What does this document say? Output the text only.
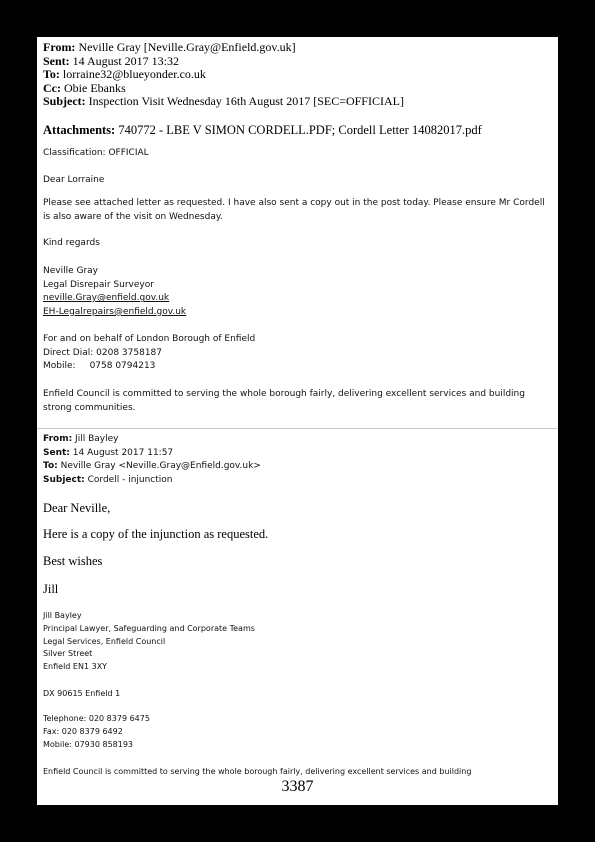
From: Neville Gray [Neville.Gray@Enfield.gov.uk]
Sent: 14 August 2017 13:32
To: lorraine32@blueyonder.co.uk
Cc: Obie Ebanks
Subject: Inspection Visit Wednesday 16th August 2017 [SEC=OFFICIAL]
Attachments: 740772 - LBE V SIMON CORDELL.PDF; Cordell Letter 14082017.pdf
Classification: OFFICIAL
Dear Lorraine
Please see attached letter as requested. I have also sent a copy out in the post today. Please ensure Mr Cordell is also aware of the visit on Wednesday.
Kind regards
Neville Gray
Legal Disrepair Surveyor
neville.Gray@enfield.gov.uk
EH-Legalrepairs@enfield.gov.uk
For and on behalf of London Borough of Enfield
Direct Dial: 0208 3758187
Mobile: 0758 0794213
Enfield Council is committed to serving the whole borough fairly, delivering excellent services and building strong communities.
From: Jill Bayley
Sent: 14 August 2017 11:57
To: Neville Gray <Neville.Gray@Enfield.gov.uk>
Subject: Cordell - injunction
Dear Neville,
Here is a copy of the injunction as requested.
Best wishes
Jill
Jill Bayley
Principal Lawyer, Safeguarding and Corporate Teams
Legal Services, Enfield Council
Silver Street
Enfield EN1 3XY
DX 90615 Enfield 1
Telephone: 020 8379 6475
Fax: 020 8379 6492
Mobile: 07930 858193
Enfield Council is committed to serving the whole borough fairly, delivering excellent services and building
3387
